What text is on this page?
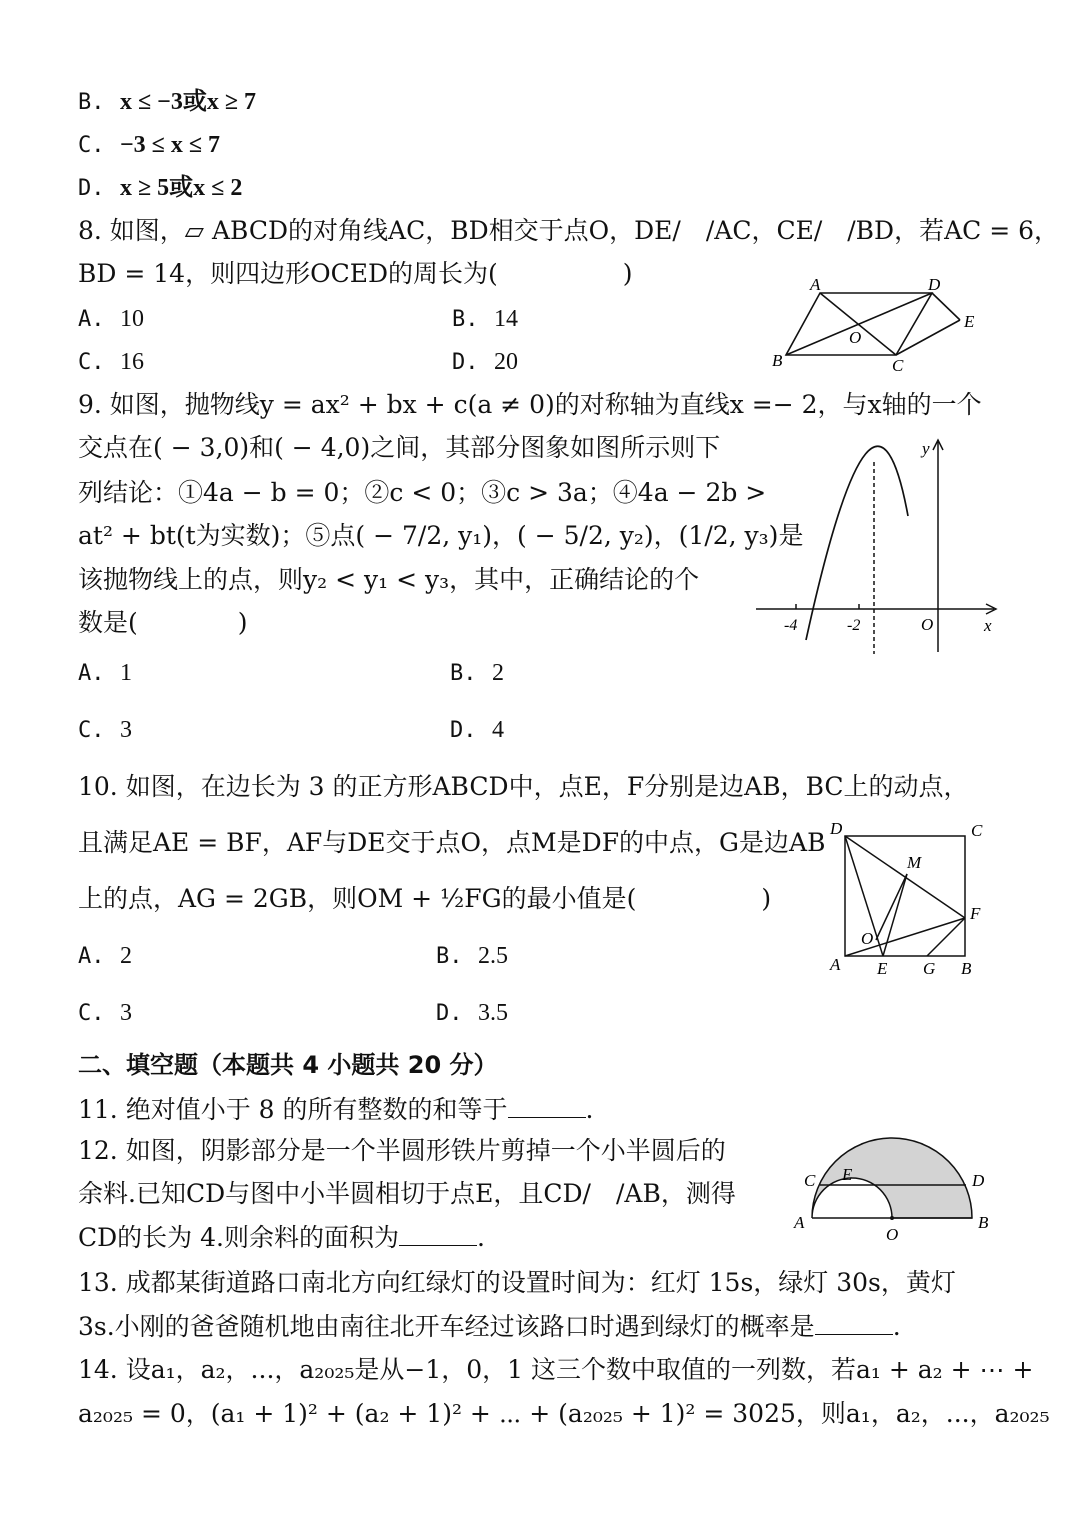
B. x ≤ −3或x ≥ 7
C. −3 ≤ x ≤ 7
D. x ≥ 5或x ≤ 2
8. 如图，▱ ABCD的对角线AC，BD相交于点O，DE/　/AC，CE/　/BD，若AC = 6，
BD = 14，则四边形OCED的周长为(　　　　　)
A. 10	B. 14
C. 16	D. 20
A	D
E
O
B	C
9. 如图，抛物线y = ax² + bx + c(a ≠ 0)的对称轴为直线x =− 2，与x轴的一个
交点在( − 3,0)和( − 4,0)之间，其部分图象如图所示则下
列结论：①4a − b = 0；②c < 0；③c > 3a；④4a − 2b >
at² + bt(t为实数)；⑤点( − 7/2, y₁)，( − 5/2, y₂)，(1/2, y₃)是
该抛物线上的点，则y₂ < y₁ < y₃，其中，正确结论的个
数是(　　　　)
A. 1	B. 2
C. 3	D. 4
y
x
-4	-2	O
10. 如图，在边长为 3 的正方形ABCD中，点E，F分别是边AB，BC上的动点，
且满足AE = BF，AF与DE交于点O，点M是DF的中点，G是边AB
上的点，AG = 2GB，则OM + ½FG的最小值是(　　　　　)
A. 2	B. 2.5
C. 3	D. 3.5
D	C
M
F
O
A E G B
二、填空题（本题共 4 小题共 20 分）
11. 绝对值小于 8 的所有整数的和等于	.
12. 如图，阴影部分是一个半圆形铁片剪掉一个小半圆后的
余料.已知CD与图中小半圆相切于点E，且CD/　/AB，测得
CD的长为 4.则余料的面积为	.
C E	D
A
O
B
13. 成都某街道路口南北方向红绿灯的设置时间为：红灯 15s，绿灯 30s，黄灯
3s.小刚的爸爸随机地由南往北开车经过该路口时遇到绿灯的概率是	.
14. 设a₁，a₂，...，a₂₀₂₅是从−1，0，1 这三个数中取值的一列数，若a₁ + a₂ + ⋯ +
a₂₀₂₅ = 0，(a₁ + 1)² + (a₂ + 1)² + ⋯ + (a₂₀₂₅ + 1)² = 3025，则a₁，a₂，...，a₂₀₂₅
